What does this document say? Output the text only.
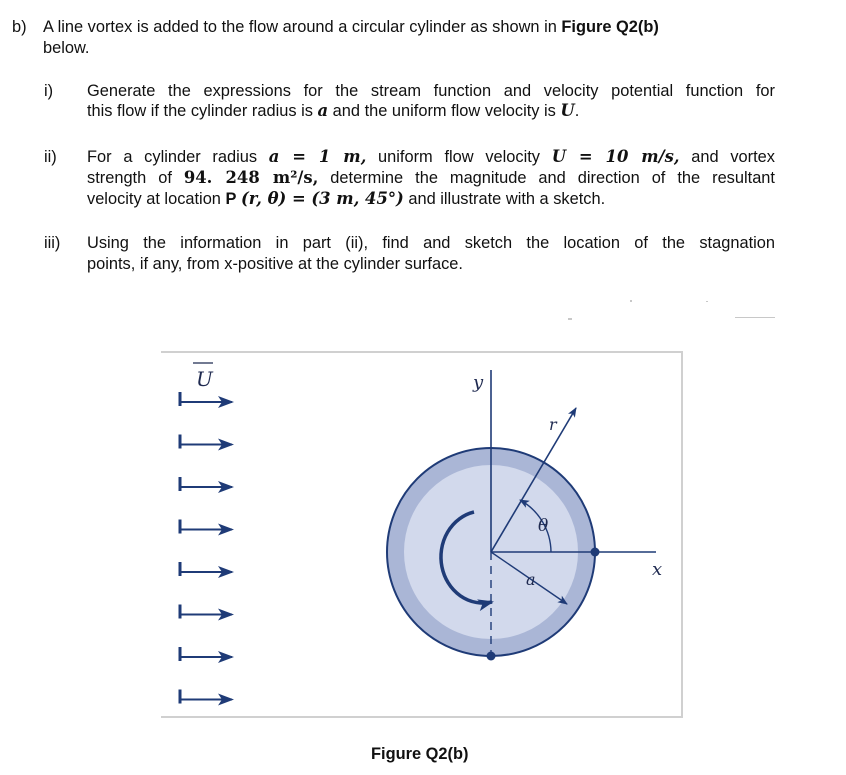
b) A line vortex is added to the flow around a circular cylinder as shown in Figure Q2(b)
below.
i) Generate the expressions for the stream function and velocity potential function for
this flow if the cylinder radius is a and the uniform flow velocity is U.
ii) For a cylinder radius a = 1 m, uniform flow velocity U = 10 m/s, and vortex
strength of 94. 248 m²/s, determine the magnitude and direction of the resultant
velocity at location P (r, θ) = (3 m, 45°) and illustrate with a sketch.
iii) Using the information in part (ii), find and sketch the location of the stagnation
points, if any, from x-positive at the cylinder surface.
U	y
x
r
θ
a
Figure Q2(b)
